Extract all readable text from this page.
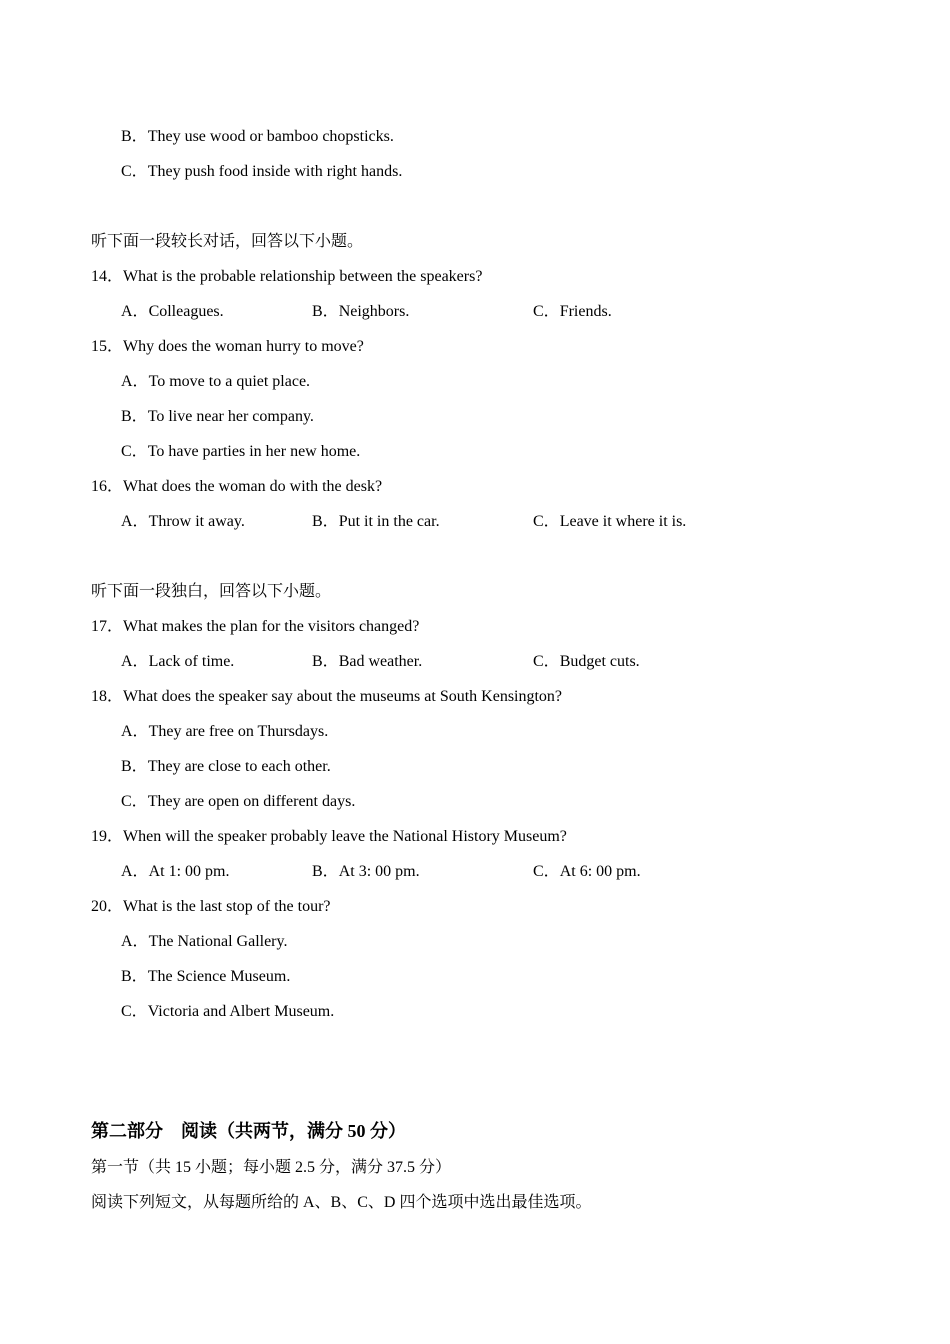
B．They use wood or bamboo chopsticks.
C．They push food inside with right hands.
听下面一段较长对话，回答以下小题。
14．What is the probable relationship between the speakers?
A．Colleagues.	B．Neighbors.	C．Friends.
15．Why does the woman hurry to move?
A．To move to a quiet place.
B．To live near her company.
C．To have parties in her new home.
16．What does the woman do with the desk?
A．Throw it away.	B．Put it in the car.	C．Leave it where it is.
听下面一段独白，回答以下小题。
17．What makes the plan for the visitors changed?
A．Lack of time.	B．Bad weather.	C．Budget cuts.
18．What does the speaker say about the museums at South Kensington?
A．They are free on Thursdays.
B．They are close to each other.
C．They are open on different days.
19．When will the speaker probably leave the National History Museum?
A．At 1: 00 pm.	B．At 3: 00 pm.	C．At 6: 00 pm.
20．What is the last stop of the tour?
A．The National Gallery.
B．The Science Museum.
C．Victoria and Albert Museum.
第二部分　阅读（共两节，满分 50 分）
第一节（共 15 小题；每小题 2.5 分，满分 37.5 分）
阅读下列短文，从每题所给的 A、B、C、D 四个选项中选出最佳选项。
